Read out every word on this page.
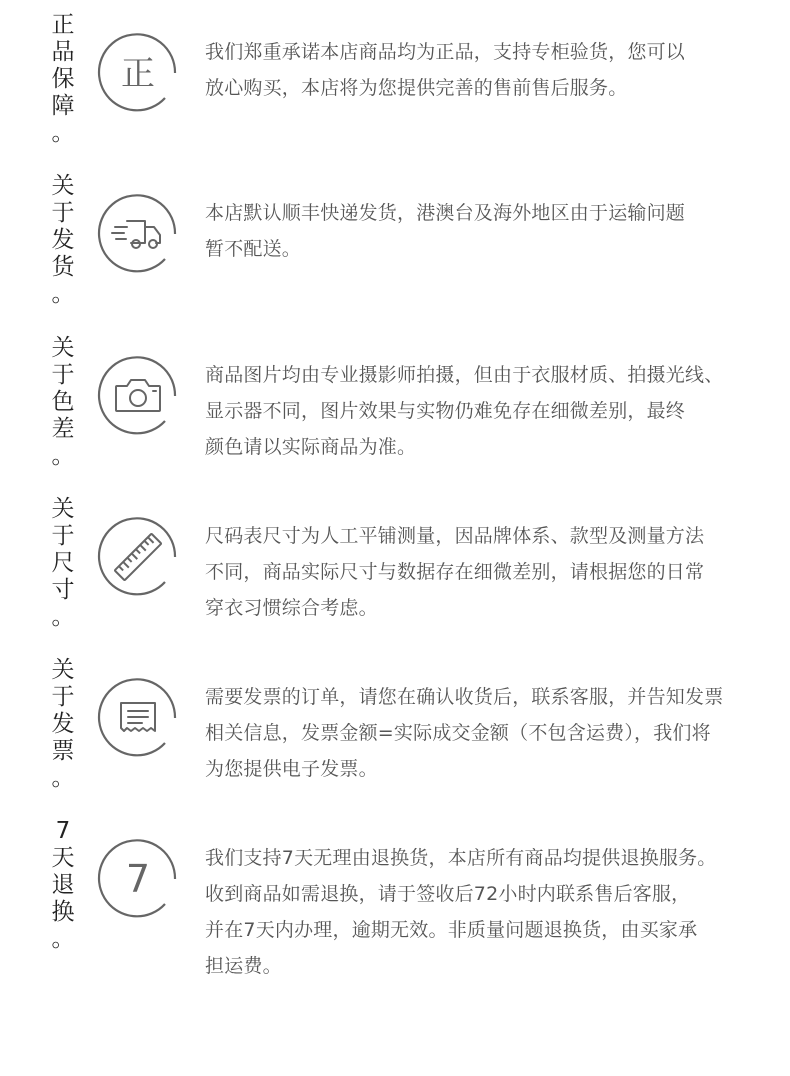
正
品
保
障
。
正
我们郑重承诺本店商品均为正品，支持专柜验货，您可以
放心购买，本店将为您提供完善的售前售后服务。
关
于
发
货
。
本店默认顺丰快递发货，港澳台及海外地区由于运输问题
暂不配送。
关
于
色
差
。
商品图片均由专业摄影师拍摄，但由于衣服材质、拍摄光线、
显示器不同，图片效果与实物仍难免存在细微差别，最终
颜色请以实际商品为准。
关
于
尺
寸
。
尺码表尺寸为人工平铺测量，因品牌体系、款型及测量方法
不同，商品实际尺寸与数据存在细微差别，请根据您的日常
穿衣习惯综合考虑。
关
于
发
票
。
需要发票的订单，请您在确认收货后，联系客服，并告知发票
相关信息，发票金额=实际成交金额（不包含运费），我们将
为您提供电子发票。
7
天
退
换
。
7	我们支持7天无理由退换货，本店所有商品均提供退换服务。
收到商品如需退换，请于签收后72小时内联系售后客服，
并在7天内办理，逾期无效。非质量问题退换货，由买家承
担运费。
